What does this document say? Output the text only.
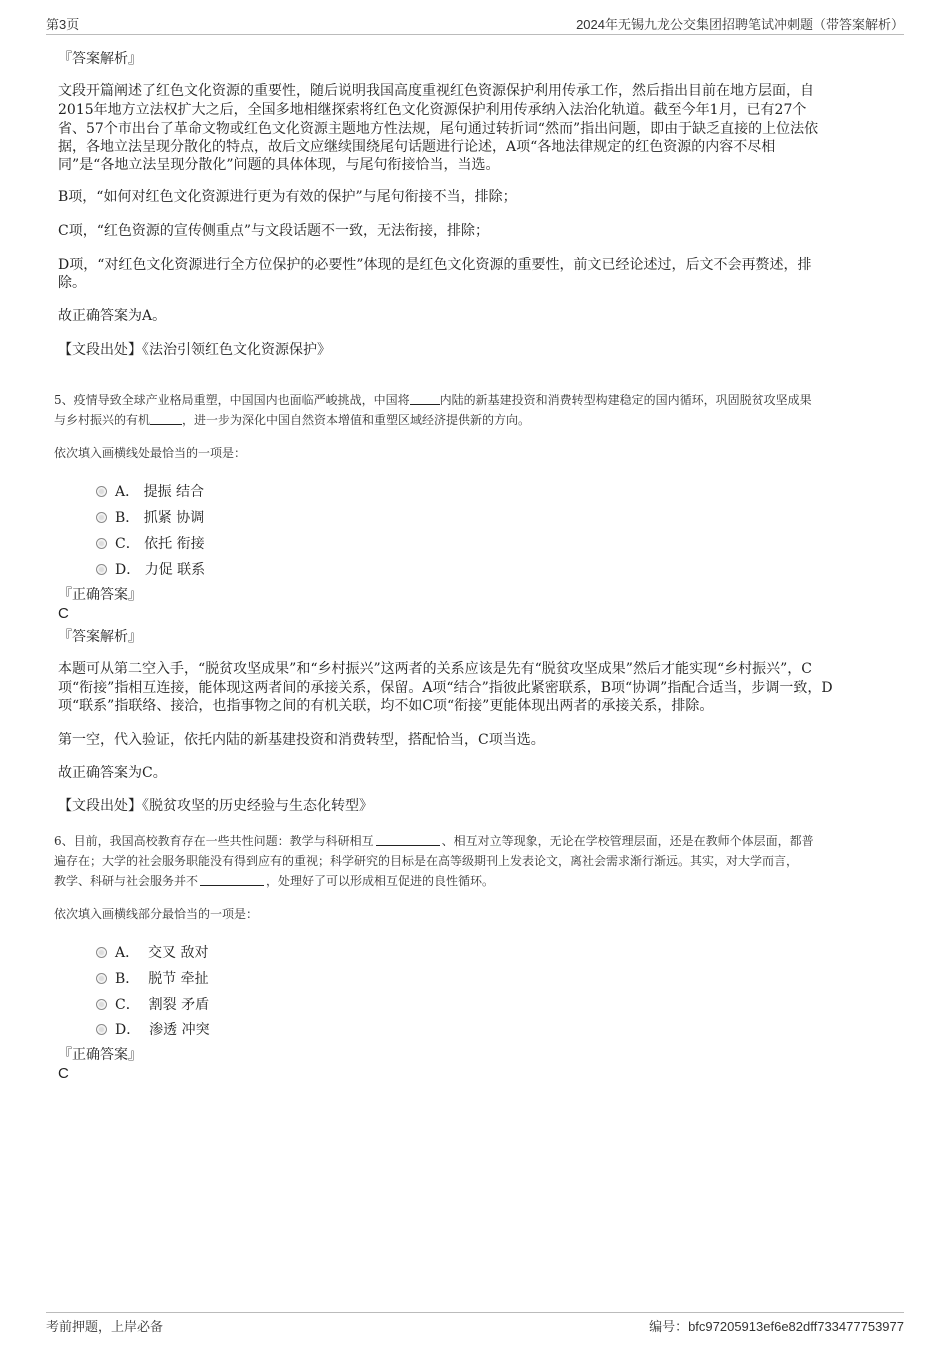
第3页	2024年无锡九龙公交集团招聘笔试冲刺题（带答案解析）
『答案解析』
文段开篇阐述了红色文化资源的重要性，随后说明我国高度重视红色资源保护利用传承工作，然后指出目前在地方层面，自
2015年地方立法权扩大之后，全国多地相继探索将红色文化资源保护利用传承纳入法治化轨道。截至今年1月，已有27个
省、57个市出台了革命文物或红色文化资源主题地方性法规，尾句通过转折词“然而”指出问题，即由于缺乏直接的上位法依
据，各地立法呈现分散化的特点，故后文应继续围绕尾句话题进行论述，A项“各地法律规定的红色资源的内容不尽相
同”是“各地立法呈现分散化”问题的具体体现，与尾句衔接恰当，当选。
B项，“如何对红色文化资源进行更为有效的保护”与尾句衔接不当，排除；
C项，“红色资源的宣传侧重点”与文段话题不一致，无法衔接，排除；
D项，“对红色文化资源进行全方位保护的必要性”体现的是红色文化资源的重要性，前文已经论述过，后文不会再赘述，排
除。
故正确答案为A。
【文段出处】《法治引领红色文化资源保护》
5、疫情导致全球产业格局重塑，中国国内也面临严峻挑战，中国将	内陆的新基建投资和消费转型构建稳定的国内循环，巩固脱贫攻坚成果
与乡村振兴的有机	，进一步为深化中国自然资本增值和重塑区域经济提供新的方向。
依次填入画横线处最恰当的一项是：
A． 提振 结合
B． 抓紧 协调
C． 依托 衔接
D． 力促 联系
『正确答案』
C
『答案解析』
本题可从第二空入手，“脱贫攻坚成果”和“乡村振兴”这两者的关系应该是先有“脱贫攻坚成果”然后才能实现“乡村振兴”，C
项“衔接”指相互连接，能体现这两者间的承接关系，保留。A项“结合”指彼此紧密联系，B项“协调”指配合适当，步调一致，D
项“联系”指联络、接洽，也指事物之间的有机关联，均不如C项“衔接”更能体现出两者的承接关系，排除。
第一空，代入验证，依托内陆的新基建投资和消费转型，搭配恰当，C项当选。
故正确答案为C。
【文段出处】《脱贫攻坚的历史经验与生态化转型》
6、目前，我国高校教育存在一些共性问题：教学与科研相互	、相互对立等现象，无论在学校管理层面，还是在教师个体层面，都普
遍存在；大学的社会服务职能没有得到应有的重视；科学研究的目标是在高等级期刊上发表论文，离社会需求渐行渐远。其实，对大学而言，
教学、科研与社会服务并不	，处理好了可以形成相互促进的良性循环。
依次填入画横线部分最恰当的一项是：
A． 交叉 敌对
B． 脱节 牵扯
C． 割裂 矛盾
D． 渗透 冲突
『正确答案』
C
考前押题，上岸必备	编号：bfc97205913ef6e82dff733477753977
